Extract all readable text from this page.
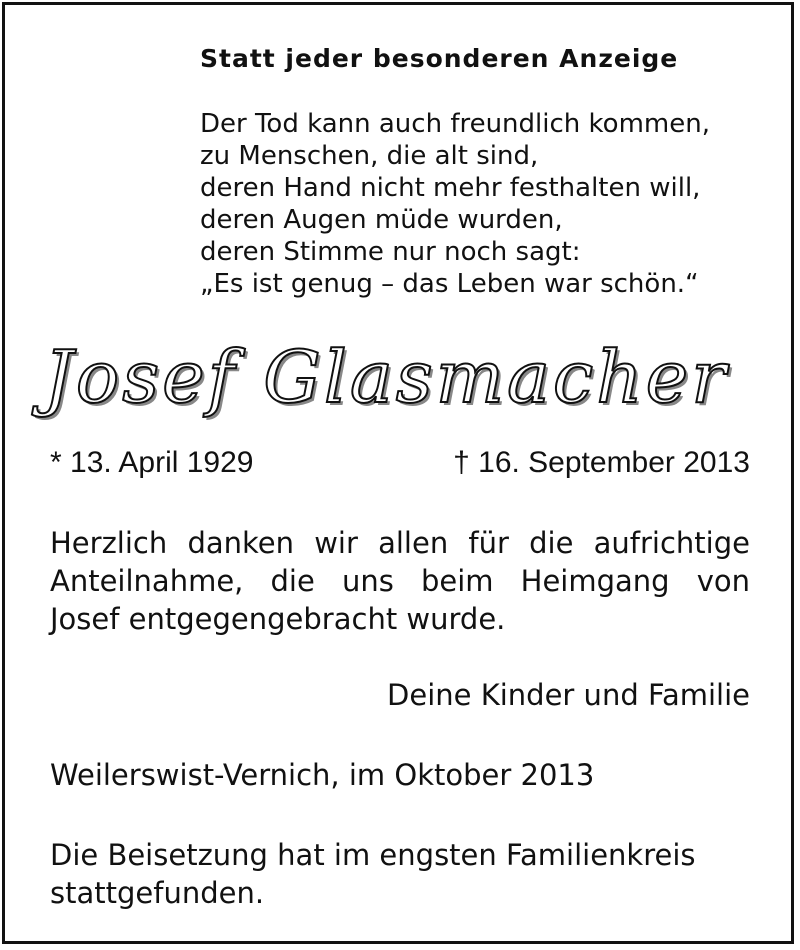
Statt jeder besonderen Anzeige
Der Tod kann auch freundlich kommen,
zu Menschen, die alt sind,
deren Hand nicht mehr festhalten will,
deren Augen müde wurden,
deren Stimme nur noch sagt:
„Es ist genug – das Leben war schön.“
Josef Glasmacher
* 13. April 1929	† 16. September 2013
Herzlich danken wir allen für die aufrichtige
Anteilnahme, die uns beim Heimgang von
Josef entgegengebracht wurde.
Deine Kinder und Familie
Weilerswist-Vernich, im Oktober 2013
Die Beisetzung hat im engsten Familienkreis
stattgefunden.
